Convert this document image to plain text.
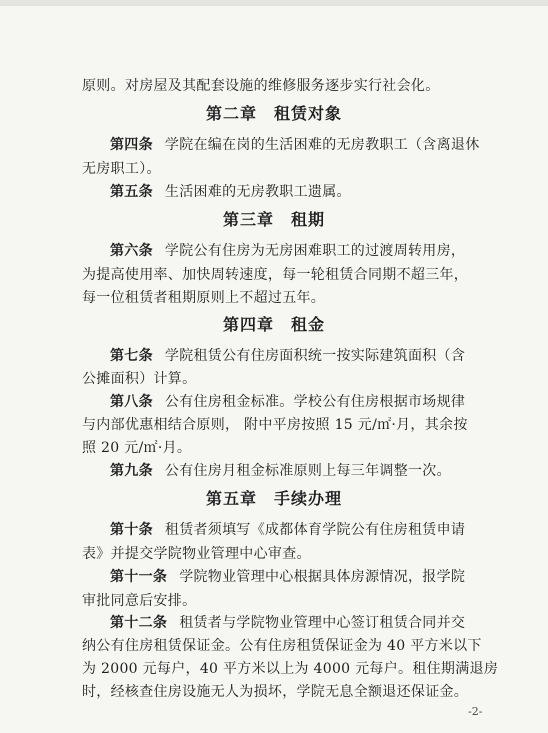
原则。对房屋及其配套设施的维修服务逐步实行社会化。
第二章　租赁对象
第四条 学院在编在岗的生活困难的无房教职工（含离退休
无房职工）。
第五条 生活困难的无房教职工遗属。
第三章　租期
第六条 学院公有住房为无房困难职工的过渡周转用房，
为提高使用率、加快周转速度，每一轮租赁合同期不超三年，
每一位租赁者租期原则上不超过五年。
第四章　租金
第七条 学院租赁公有住房面积统一按实际建筑面积（含
公摊面积）计算。
第八条 公有住房租金标准。学校公有住房根据市场规律
与内部优惠相结合原则， 附中平房按照 15 元/㎡·月，其余按
照 20 元/㎡·月。
第九条 公有住房月租金标准原则上每三年调整一次。
第五章　手续办理
第十条 租赁者须填写《成都体育学院公有住房租赁申请
表》并提交学院物业管理中心审查。
第十一条 学院物业管理中心根据具体房源情况，报学院
审批同意后安排。
第十二条 租赁者与学院物业管理中心签订租赁合同并交
纳公有住房租赁保证金。公有住房租赁保证金为 40 平方米以下
为 2000 元每户，40 平方米以上为 4000 元每户。租住期满退房
时，经核查住房设施无人为损坏，学院无息全额退还保证金。
-2-
